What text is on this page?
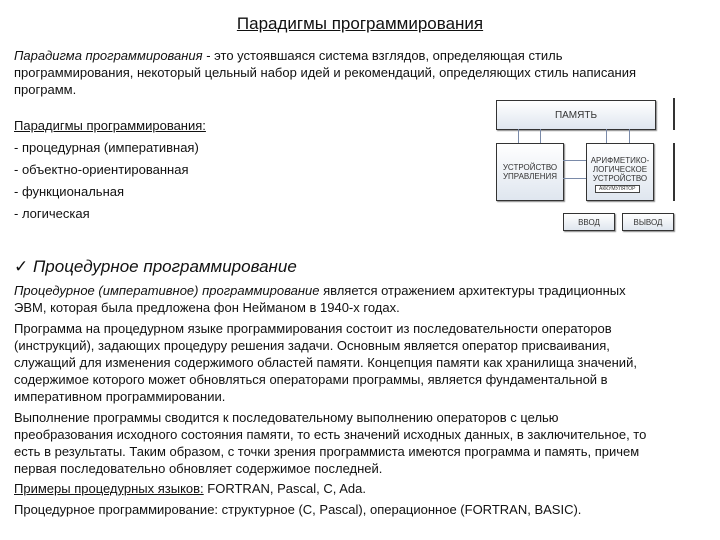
Парадигмы программирования
Парадигма программирования - это устоявшаяся система взглядов, определяющая стиль
программирования, некоторый цельный набор идей и рекомендаций, определяющих стиль написания
программ.
Парадигмы программирования:
- процедурная (императивная)
- объектно-ориентированная
- функциональная
- логическая
ПАМЯТЬ
УСТРОЙСТВО УПРАВЛЕНИЯ
АРИФМЕТИКО-ЛОГИЧЕСКОЕ УСТРОЙСТВО
АККУМУЛЯТОР
ВВОД	ВЫВОД
✓ Процедурное программирование
Процедурное (императивное) программирование является отражением архитектуры традиционных
ЭВМ, которая была предложена фон Нейманом в 1940-х годах.
Программа на процедурном языке программирования состоит из последовательности операторов
(инструкций), задающих процедуру решения задачи. Основным является оператор присваивания,
служащий для изменения содержимого областей памяти. Концепция памяти как хранилища значений,
содержимое которого может обновляться операторами программы, является фундаментальной в
императивном программировании.
Выполнение программы сводится к последовательному выполнению операторов с целью
преобразования исходного состояния памяти, то есть значений исходных данных, в заключительное, то
есть в результаты. Таким образом, с точки зрения программиста имеются программа и память, причем
первая последовательно обновляет содержимое последней.
Примеры процедурных языков: FORTRAN, Pascal, C, Ada.
Процедурное программирование: структурное (C, Pascal), операционное (FORTRAN, BASIC).
